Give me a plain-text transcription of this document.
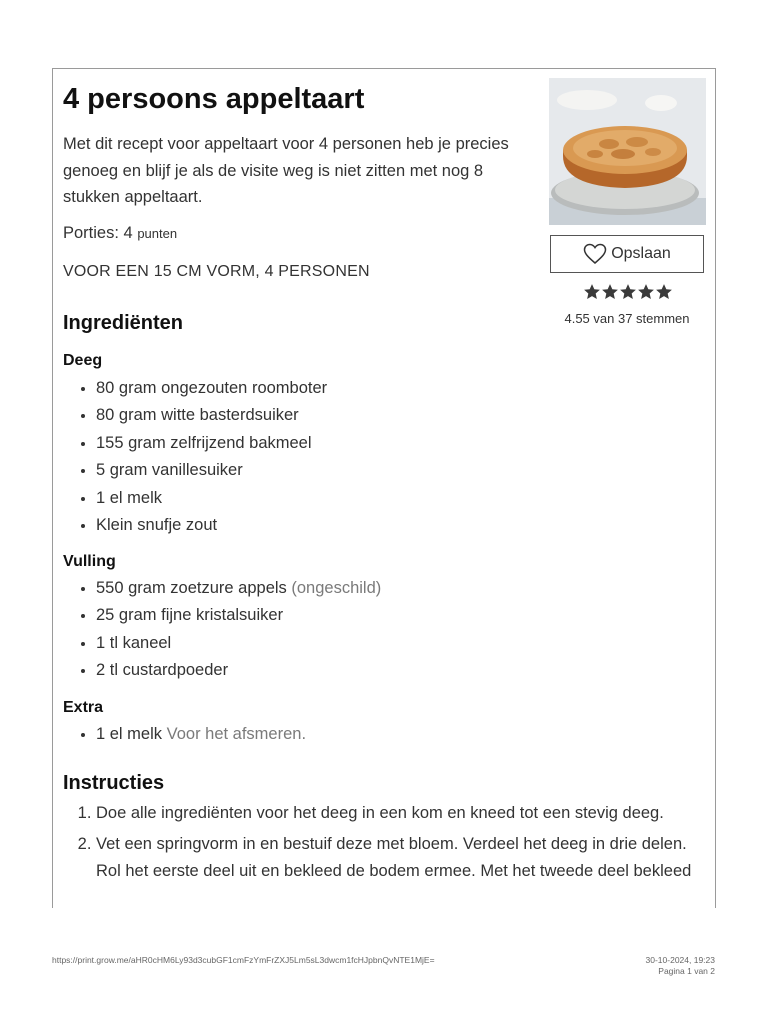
4 persoons appeltaart
Met dit recept voor appeltaart voor 4 personen heb je precies genoeg en blijf je als de visite weg is niet zitten met nog 8 stukken appeltaart.
Porties: 4 punten
VOOR EEN 15 CM VORM, 4 PERSONEN
Opslaan
4.55 van 37 stemmen
Ingrediënten
Deeg
• 80 gram ongezouten roomboter
• 80 gram witte basterdsuiker
• 155 gram zelfrijzend bakmeel
• 5 gram vanillesuiker
• 1 el melk
• Klein snufje zout
Vulling
• 550 gram zoetzure appels (ongeschild)
• 25 gram fijne kristalsuiker
• 1 tl kaneel
• 2 tl custardpoeder
Extra
• 1 el melk Voor het afsmeren.
Instructies
1. Doe alle ingrediënten voor het deeg in een kom en kneed tot een stevig deeg.
2. Vet een springvorm in en bestuif deze met bloem. Verdeel het deeg in drie delen. Rol het eerste deel uit en bekleed de bodem ermee. Met het tweede deel bekleed
https://print.grow.me/aHR0cHM6Ly93d3cubGF1cmFzYmFrZXJ5Lm5sL3dwcm1fcHJpbnQvNTE1MjE=	30-10-2024, 19:23
Pagina 1 van 2
